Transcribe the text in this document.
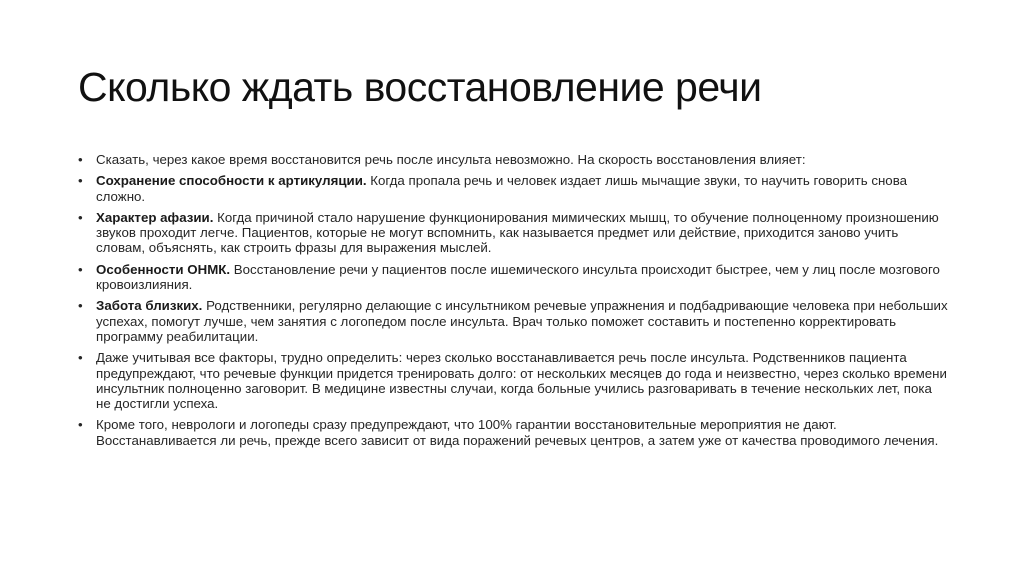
Сколько ждать восстановление речи
• Сказать, через какое время восстановится речь после инсульта невозможно. На скорость восстановления влияет:
• Сохранение способности к артикуляции. Когда пропала речь и человек издает лишь мычащие звуки, то научить говорить снова сложно.
• Характер афазии. Когда причиной стало нарушение функционирования мимических мышц, то обучение полноценному произношению звуков проходит легче. Пациентов, которые не могут вспомнить, как называется предмет или действие, приходится заново учить словам, объяснять, как строить фразы для выражения мыслей.
• Особенности ОНМК. Восстановление речи у пациентов после ишемического инсульта происходит быстрее, чем у лиц после мозгового кровоизлияния.
• Забота близких. Родственники, регулярно делающие с инсультником речевые упражнения и подбадривающие человека при небольших успехах, помогут лучше, чем занятия с логопедом после инсульта. Врач только поможет составить и постепенно корректировать программу реабилитации.
• Даже учитывая все факторы, трудно определить: через сколько восстанавливается речь после инсульта. Родственников пациента предупреждают, что речевые функции придется тренировать долго: от нескольких месяцев до года и неизвестно, через сколько времени инсультник полноценно заговорит. В медицине известны случаи, когда больные учились разговаривать в течение нескольких лет, пока не достигли успеха.
• Кроме того, неврологи и логопеды сразу предупреждают, что 100% гарантии восстановительные мероприятия не дают. Восстанавливается ли речь, прежде всего зависит от вида поражений речевых центров, а затем уже от качества проводимого лечения.
